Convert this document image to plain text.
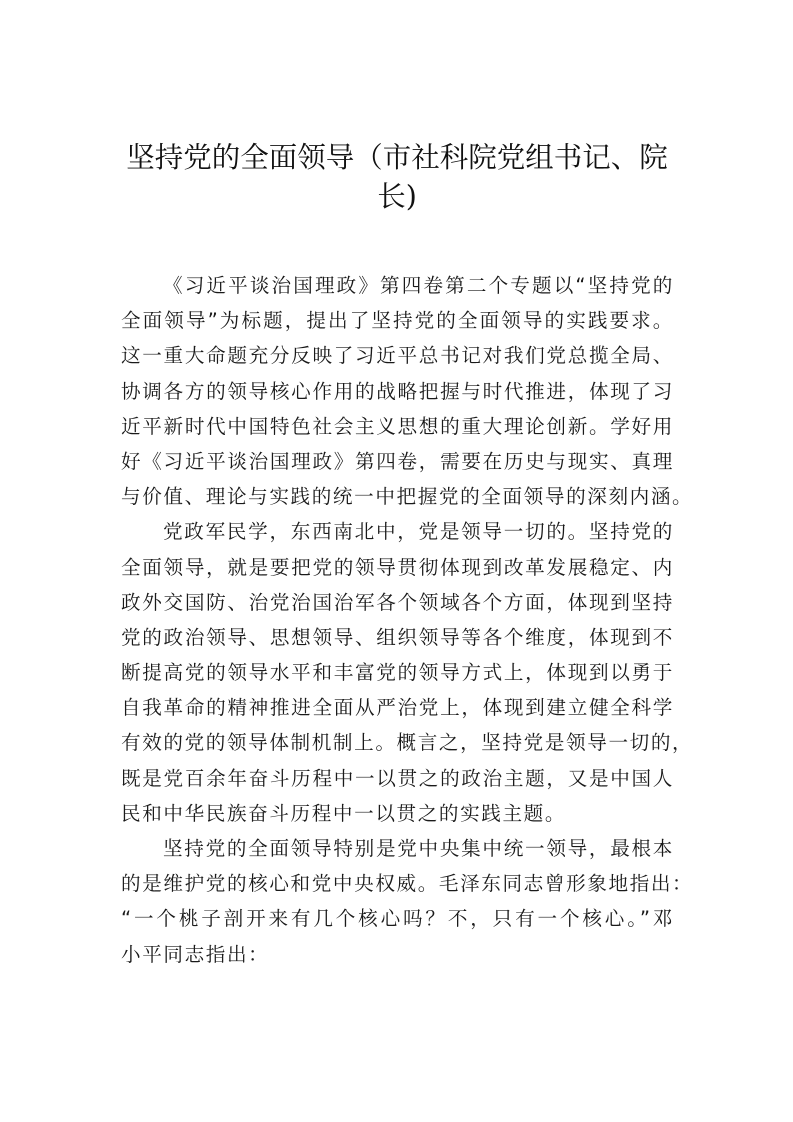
坚持党的全面领导（市社科院党组书记、院
长)
《习近平谈治国理政》第四卷第二个专题以“坚持党的
全面领导”为标题，提出了坚持党的全面领导的实践要求。
这一重大命题充分反映了习近平总书记对我们党总揽全局、
协调各方的领导核心作用的战略把握与时代推进，体现了习
近平新时代中国特色社会主义思想的重大理论创新。学好用
好《习近平谈治国理政》第四卷，需要在历史与现实、真理
与价值、理论与实践的统一中把握党的全面领导的深刻内涵。
党政军民学，东西南北中，党是领导一切的。坚持党的
全面领导，就是要把党的领导贯彻体现到改革发展稳定、内
政外交国防、治党治国治军各个领域各个方面，体现到坚持
党的政治领导、思想领导、组织领导等各个维度，体现到不
断提高党的领导水平和丰富党的领导方式上，体现到以勇于
自我革命的精神推进全面从严治党上，体现到建立健全科学
有效的党的领导体制机制上。概言之，坚持党是领导一切的，
既是党百余年奋斗历程中一以贯之的政治主题，又是中国人
民和中华民族奋斗历程中一以贯之的实践主题。
坚持党的全面领导特别是党中央集中统一领导，最根本
的是维护党的核心和党中央权威。毛泽东同志曾形象地指出：
“一个桃子剖开来有几个核心吗？不，只有一个核心。”邓
小平同志指出：
